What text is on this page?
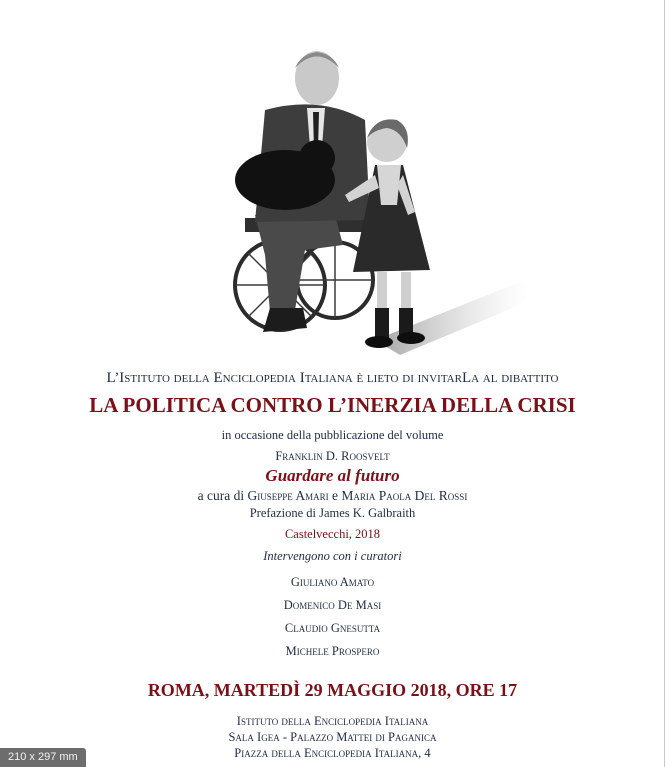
L’Istituto della Enciclopedia Italiana è lieto di invitarLa al dibattito
LA POLITICA CONTRO L’INERZIA DELLA CRISI
in occasione della pubblicazione del volume
Franklin D. Roosvelt
Guardare al futuro
a cura di Giuseppe Amari e Maria Paola Del Rossi
Prefazione di James K. Galbraith
Castelvecchi, 2018
Intervengono con i curatori
Giuliano Amato
Domenico De Masi
Claudio Gnesutta
Michele Prospero
ROMA, MARTEDÌ 29 MAGGIO 2018, ORE 17
Istituto della Enciclopedia Italiana
Sala Igea - Palazzo Mattei di Paganica
Piazza della Enciclopedia Italiana, 4
210 x 297 mm
